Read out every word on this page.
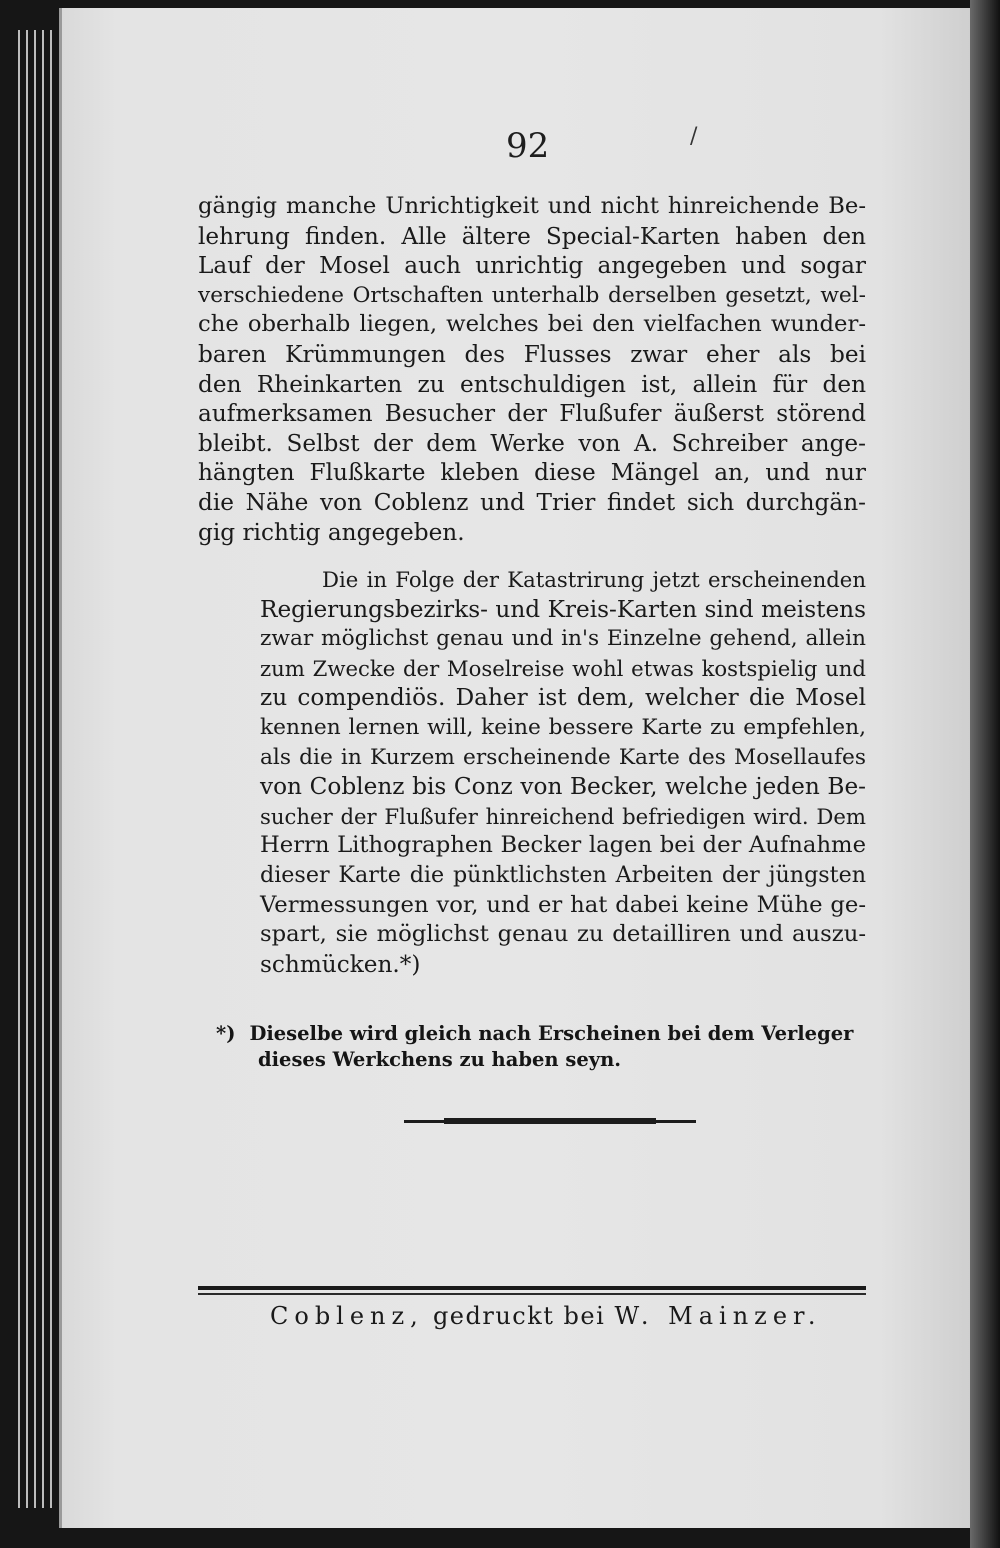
92	/
gängig manche Unrichtigkeit und nicht hinreichende Be-
lehrung finden. Alle ältere Special-Karten haben den
Lauf der Mosel auch unrichtig angegeben und sogar
verschiedene Ortschaften unterhalb derselben gesetzt, wel-
che oberhalb liegen, welches bei den vielfachen wunder-
baren Krümmungen des Flusses zwar eher als bei
den Rheinkarten zu entschuldigen ist, allein für den
aufmerksamen Besucher der Flußufer äußerst störend
bleibt. Selbst der dem Werke von A. Schreiber ange-
hängten Flußkarte kleben diese Mängel an, und nur
die Nähe von Coblenz und Trier findet sich durchgän-
gig richtig angegeben.
Die in Folge der Katastrirung jetzt erscheinenden
Regierungsbezirks- und Kreis-Karten sind meistens
zwar möglichst genau und in's Einzelne gehend, allein
zum Zwecke der Moselreise wohl etwas kostspielig und
zu compendiös. Daher ist dem, welcher die Mosel
kennen lernen will, keine bessere Karte zu empfehlen,
als die in Kurzem erscheinende Karte des Mosellaufes
von Coblenz bis Conz von Becker, welche jeden Be-
sucher der Flußufer hinreichend befriedigen wird. Dem
Herrn Lithographen Becker lagen bei der Aufnahme
dieser Karte die pünktlichsten Arbeiten der jüngsten
Vermessungen vor, und er hat dabei keine Mühe ge-
spart, sie möglichst genau zu detailliren und auszu-
schmücken.*)
*) Dieselbe wird gleich nach Erscheinen bei dem Verleger
dieses Werkchens zu haben seyn.
Coblenz, gedruckt bei W. Mainzer.
